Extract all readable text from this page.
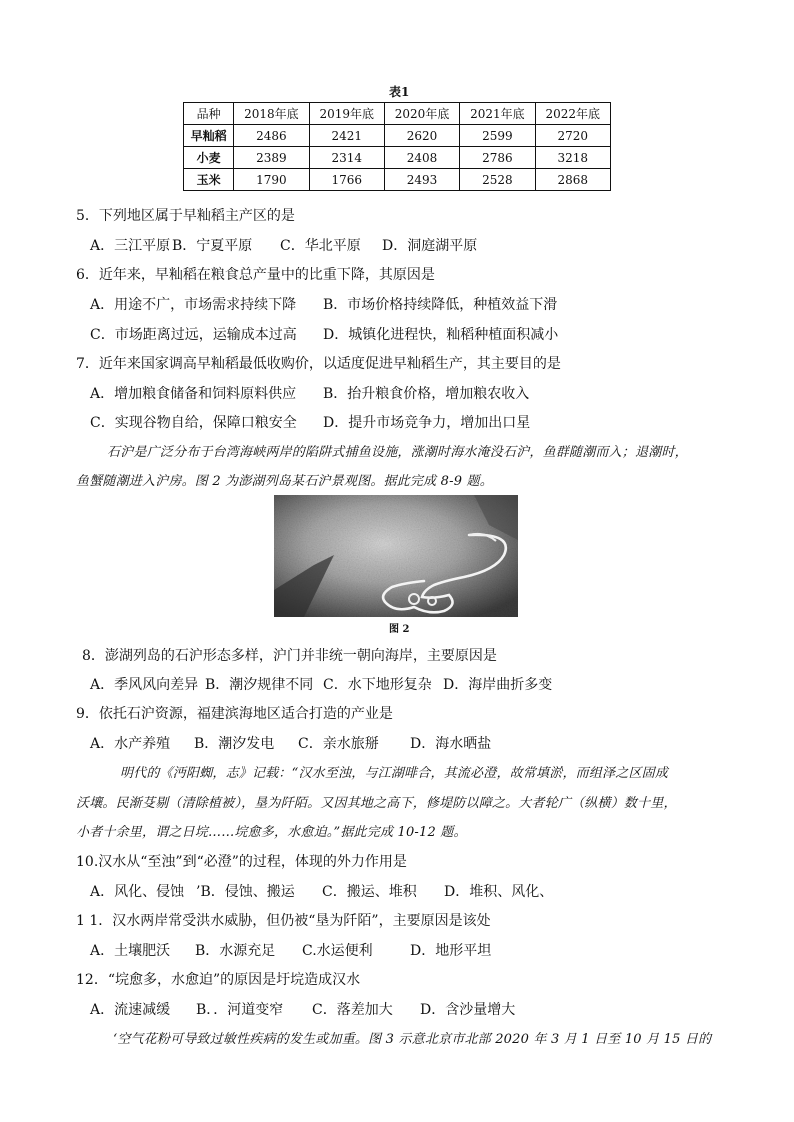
表1
品种	2018年底	2019年底	2020年底	2021年底	2022年底
早籼稻	2486	2421	2620	2599	2720
小麦	2389	2314	2408	2786	3218
玉米	1790	1766	2493	2528	2868
5．下列地区属于早籼稻主产区的是
A．三江平原 B．宁夏平原 C．华北平原 D．洞庭湖平原
6．近年来，早籼稻在粮食总产量中的比重下降，其原因是
A．用途不广，市场需求持续下降 B．市场价格持续降低，种植效益下滑
C．市场距离过远，运输成本过高 D．城镇化进程快，籼稻种植面积减小
7．近年来国家调高早籼稻最低收购价，以适度促进早籼稻生产，其主要目的是
A．增加粮食储备和饲料原料供应 B．抬升粮食价格，增加粮农收入
C．实现谷物自给，保障口粮安全 D．提升市场竞争力，增加出口星
石沪是广泛分布于台湾海峡两岸的陷阱式捕鱼设施，涨潮时海水淹没石沪，鱼群随潮而入；退潮时，
鱼蟹随潮进入沪房。图 2 为澎湖列岛某石沪景观图。据此完成 8-9 题。
图 2
8．澎湖列岛的石沪形态多样，沪门并非统一朝向海岸，主要原因是
A．季风风向差异 B．潮汐规律不同 C．水下地形复杂 D．海岸曲折多变
9．依托石沪资源，福建滨海地区适合打造的产业是
A．水产养殖 B．潮汐发电 C．亲水旅掰 D．海水晒盐
明代的《沔阳蜘，志》记载：“汉水至浊，与江湖啡合，其流必澄，故常填淤，而组泽之区固成
沃壤。民渐芟剔（清除植被），垦为阡陌。又因其地之高下，修堤防以障之。大者轮广（纵横）数十里，
小者十余里，谓之日垸……垸愈多，水愈迫。”据此完成 10-12 题。
10.汉水从“至浊”到“必澄”的过程，体现的外力作用是
A．风化、侵蚀 ’B．侵蚀、搬运 C．搬运、堆积 D．堆积、风化、
1 1．汉水两岸常受洪水威胁，但仍被“垦为阡陌”，主要原因是该处
A．土壤肥沃 B．水源充足 C.水运便利	D．地形平坦
12．“垸愈多，水愈迫”的原因是圩垸造成汉水
A．流速减缓 B．．河道变窄 C．落差加大 D．含沙量增大
‘空气花粉可导致过敏性疾病的发生或加重。图 3 示意北京市北部 2020 年 3 月 1 日至 10 月 15 日的
